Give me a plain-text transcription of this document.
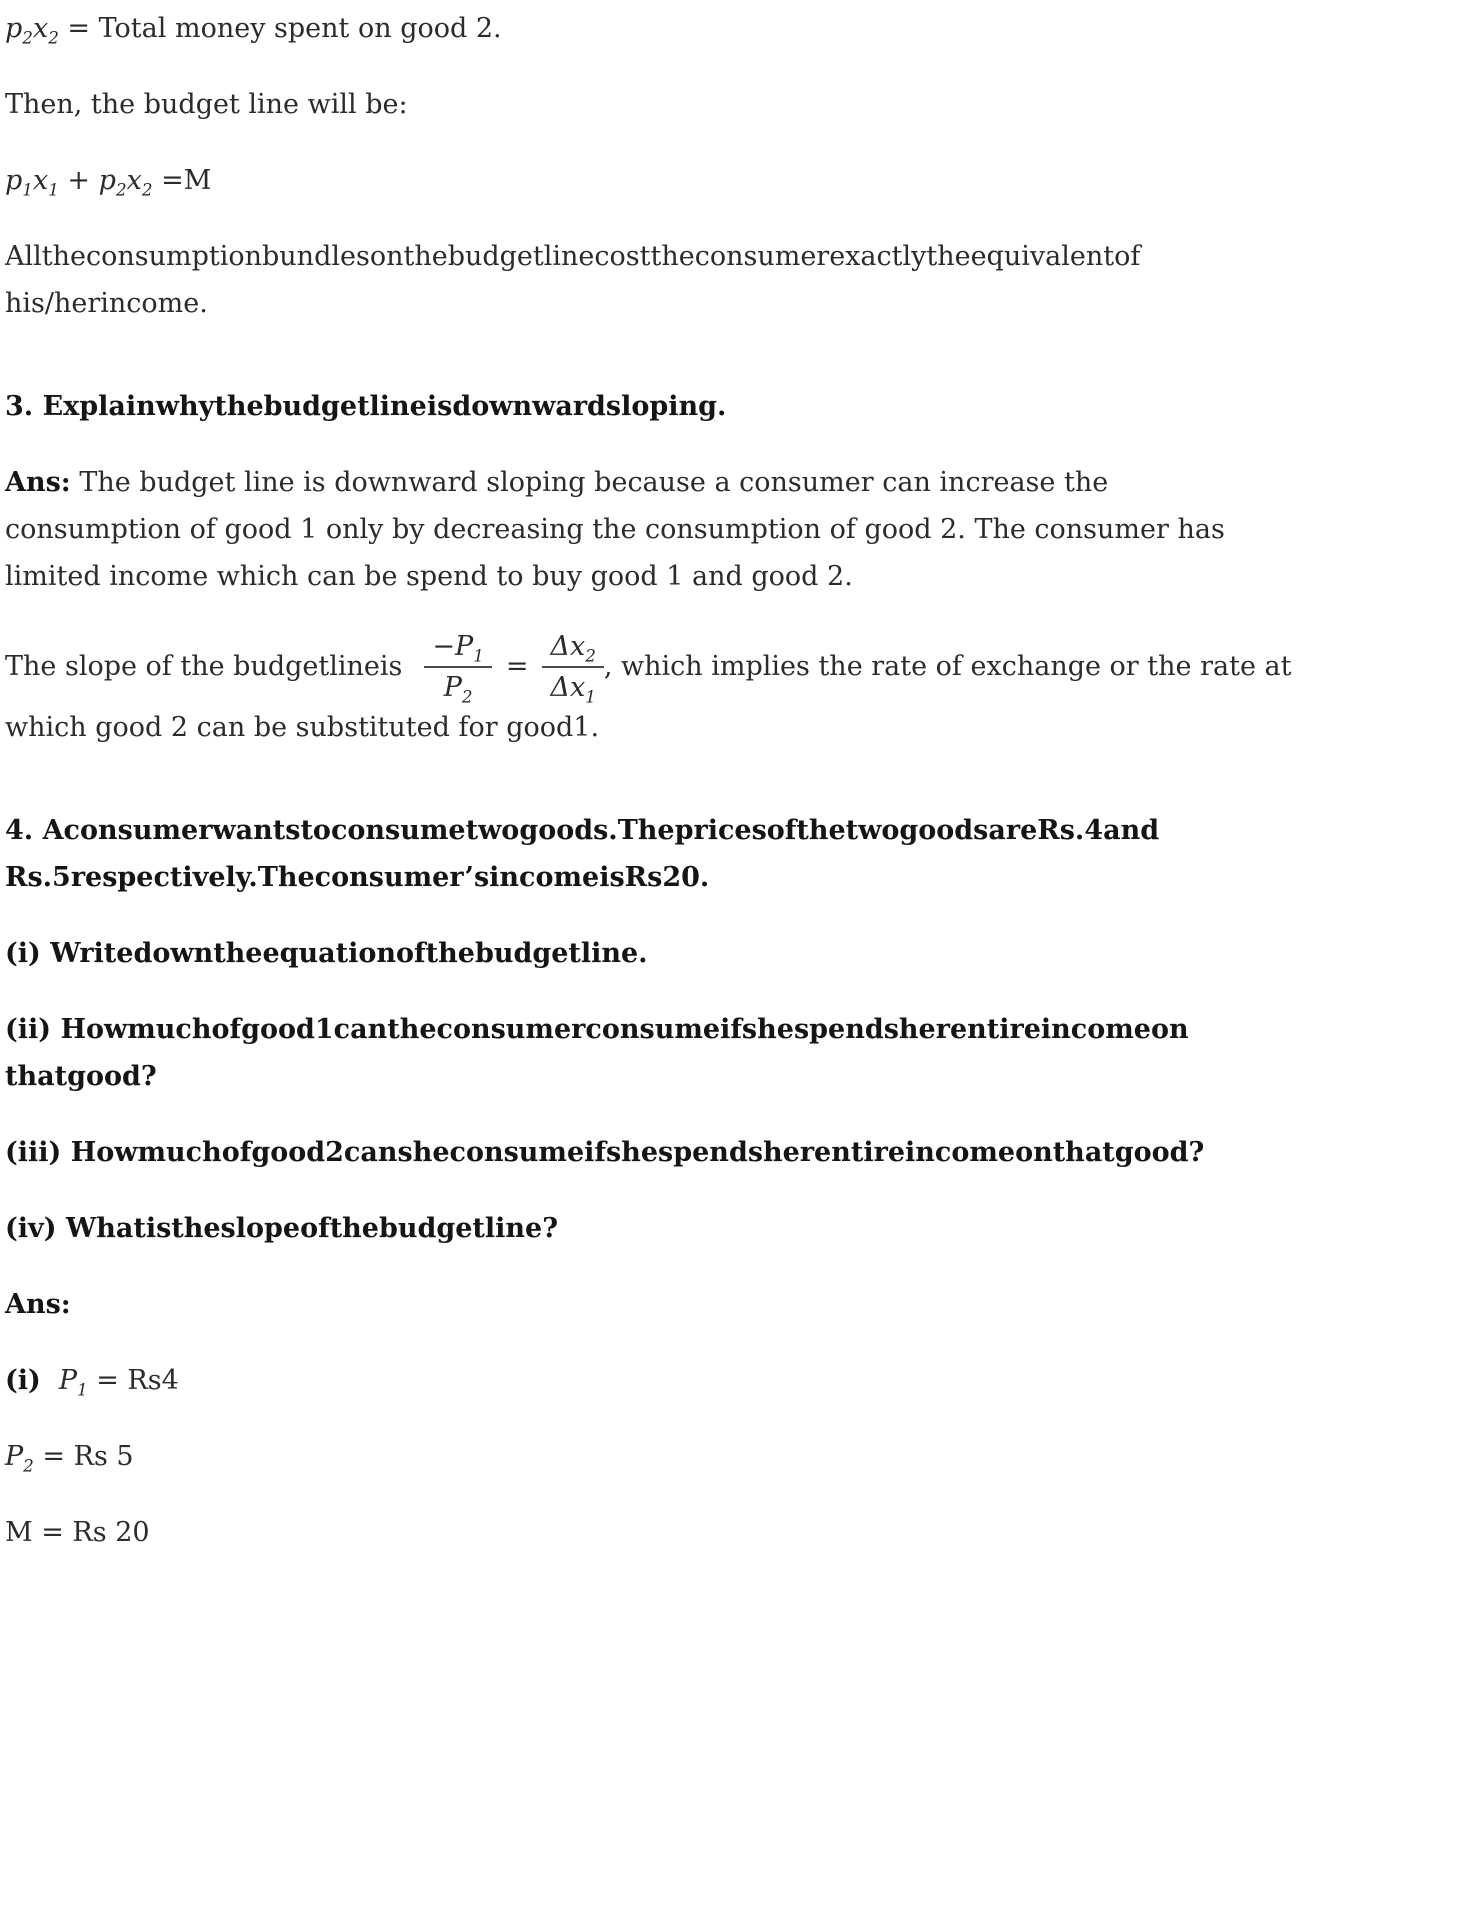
$p_2x_2$ = Total money spent on good 2.

Then, the budget line will be:

$p_1x_1 + p_2x_2 =M$

Alltheconsumptionbundlesonthebudgetlinecosttheconsumerexactlytheequivalentof
his/herincome.

3. Explainwhythebudgetlineisdownwardsloping.

Ans: The budget line is downward sloping because a consumer can increase the
consumption of good 1 only by decreasing the consumption of good 2. The consumer has
limited income which can be spend to buy good 1 and good 2.

The slope of the budgetlineis $\frac{-P_1}{P_2} = \frac{\Delta x_2}{\Delta x_1}$ , which implies the rate of exchange or the rate at
which good 2 can be substituted for good1.

4. Aconsumerwantstoconsumetwogoods.ThepricesofthetwogoodsareRs.4and
Rs.5respectively.Theconsumer’sincomeisRs20.

(i) Writedowntheequationofthebudgetline.

(ii) Howmuchofgood1cantheconsumerconsumeifshespendsherentireincomeon
thatgood?

(iii) Howmuchofgood2cansheconsumeifshespendsherentireincomeonthatgood?

(iv) Whatistheslopeofthebudgetline?

Ans:

(i) $P_1 = Rs4$

$P_2 = Rs$ 5

M = Rs 20
